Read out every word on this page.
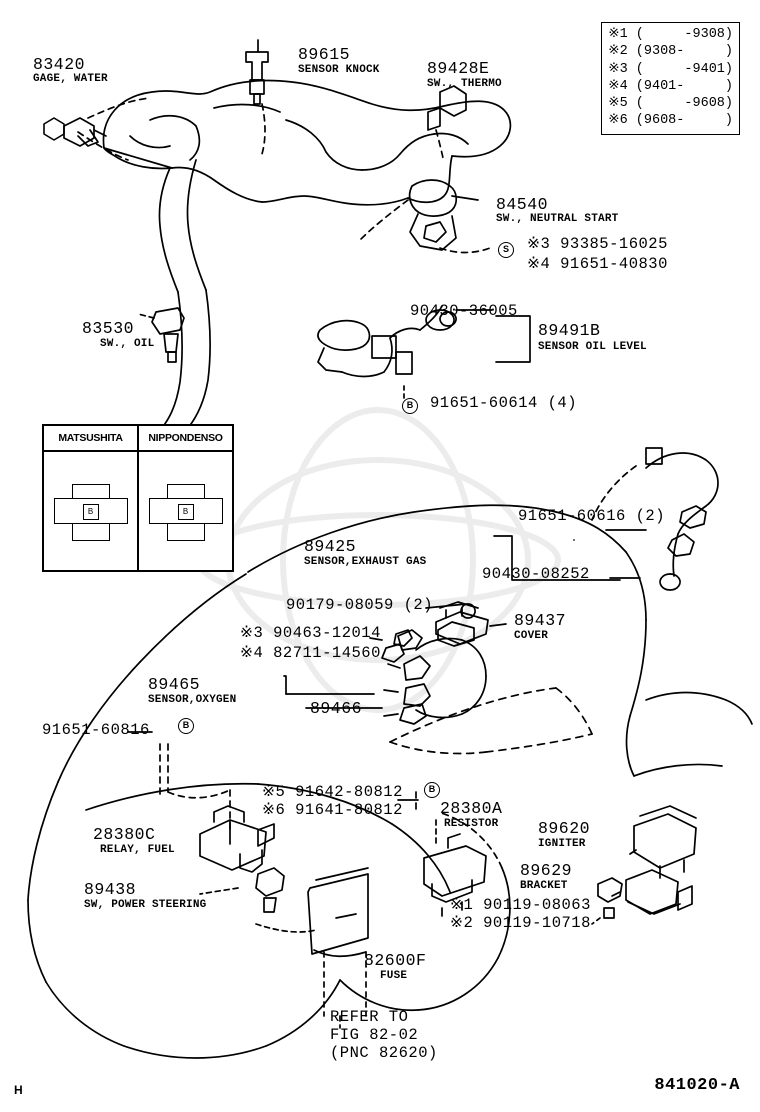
※1 (     -9308)
※2 (9308-     )
※3 (     -9401)
※4 (9401-     )
※5 (     -9608)
※6 (9608-     )
MATSUSHITA	NIPPONDENSO
B	B
83420
GAGE, WATER
89615
SENSOR KNOCK	89428E
SW., THERMO
84540
SW., NEUTRAL START
※3 93385-16025
※4 91651-40830
S
83530
SW., OIL
90430-36005
89491B
SENSOR OIL LEVEL
91651-60614 (4)
B
91651-60616 (2)
90430-08252
89425
SENSOR,EXHAUST GAS
90179-08059 (2)
89437
COVER
※3 90463-12014
※4 82711-14560
89465
SENSOR,OXYGEN	89466
91651-60816	B
※5 91642-80812
※6 91641-80812
B
28380A
RESISTOR
28380C
RELAY, FUEL
89438
SW, POWER STEERING
89620
IGNITER
89629
BRACKET
※1 90119-08063
※2 90119-10718
82600F
FUSE
REFER TO
FIG 82-02
(PNC 82620)
H	841020-A
